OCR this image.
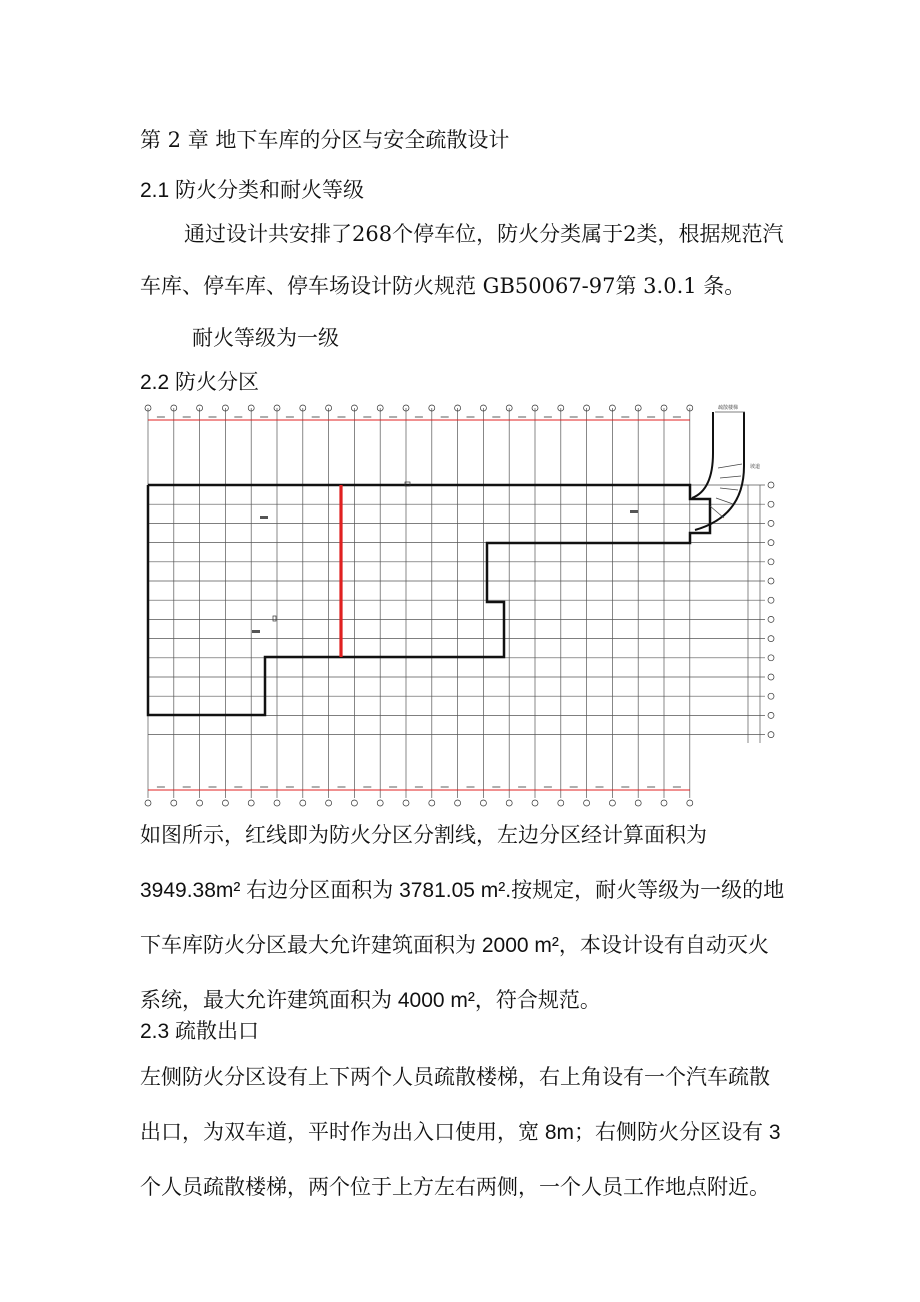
第 2 章 地下车库的分区与安全疏散设计
2.1 防火分类和耐火等级

通过设计共安排了268个停车位，防火分类属于2类，根据规范汽

车库、停车库、停车场设计防火规范 GB50067-97第 3.0.1 条。

耐火等级为一级

2.2 防火分区
疏散楼梯
坡道

如图所示，红线即为防火分区分割线，左边分区经计算面积为

3949.38m² 右边分区面积为 3781.05 m².按规定，耐火等级为一级的地

下车库防火分区最大允许建筑面积为 2000 m²，本设计设有自动灭火

系统，最大允许建筑面积为 4000 m²，符合规范。

2.3 疏散出口

左侧防火分区设有上下两个人员疏散楼梯，右上角设有一个汽车疏散

出口，为双车道，平时作为出入口使用，宽 8m；右侧防火分区设有 3

个人员疏散楼梯，两个位于上方左右两侧，一个人员工作地点附近。
